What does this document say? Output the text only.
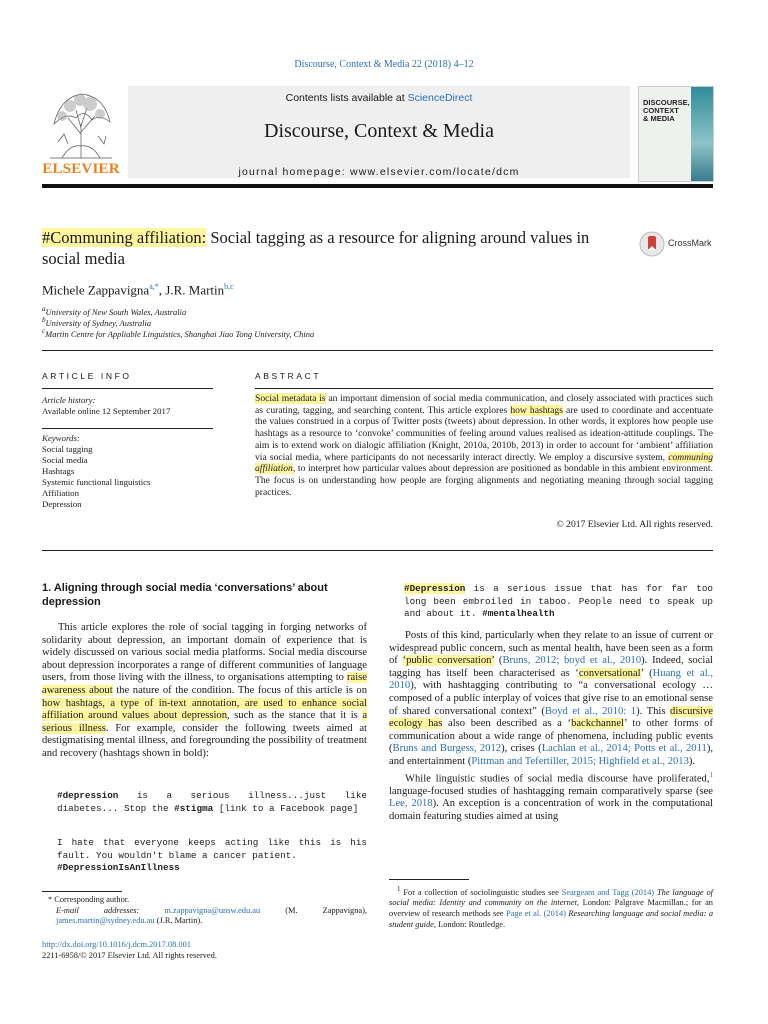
Discourse, Context & Media 22 (2018) 4–12
ELSEVIER
Contents lists available at ScienceDirect
Discourse, Context & Media
journal homepage: www.elsevier.com/locate/dcm
DISCOURSE,
CONTEXT
& MEDIA
#Communing affiliation: Social tagging as a resource for aligning around values in social media
CrossMark
Michele Zappavigna$^{a,*}$, J.R. Martin$^{b,c}$
$^a$University of New South Wales, Australia
$^b$University of Sydney, Australia
$^c$Martin Centre for Appliable Linguistics, Shanghai Jiao Tong University, China
ARTICLE INFO
Article history:
Available online 12 September 2017
Keywords:
Social tagging
Social media
Hashtags
Systemic functional linguistics
Affiliation
Depression
ABSTRACT
Social metadata is an important dimension of social media communication, and closely associated with practices such as curating, tagging, and searching content. This article explores how hashtags are used to coordinate and accentuate the values construed in a corpus of Twitter posts (tweets) about depression. In other words, it explores how people use hashtags as a resource to ‘convoke’ communities of feeling around values realised as ideation-attitude couplings. The aim is to extend work on dialogic affiliation (Knight, 2010a, 2010b, 2013) in order to account for ‘ambient’ affiliation via social media, where participants do not necessarily interact directly. We employ a discursive system, communing affiliation, to interpret how particular values about depression are positioned as bondable in this ambient environment. The focus is on understanding how people are forging alignments and negotiating meaning through social tagging practices.
© 2017 Elsevier Ltd. All rights reserved.
1. Aligning through social media ‘conversations’ about depression

This article explores the role of social tagging in forging networks of solidarity about depression, an important domain of experience that is widely discussed on various social media platforms. Social media discourse about depression incorporates a range of different communities of language users, from those living with the illness, to organisations attempting to raise awareness about the nature of the condition. The focus of this article is on how hashtags, a type of in-text annotation, are used to enhance social affiliation around values about depression, such as the stance that it is a serious illness. For example, consider the following tweets aimed at destigmatising mental illness, and foregrounding the possibility of treatment and recovery (hashtags shown in bold):

#depression is a serious illness...just like diabetes... Stop the #stigma [link to a Facebook page]
I hate that everyone keeps acting like this is his fault. You wouldn't blame a cancer patient.
#DepressionIsAnIllness
* Corresponding author.
E-mail addresses: m.zappavigna@unsw.edu.au (M. Zappavigna), james.martin@sydney.edu.au (J.R. Martin).
http://dx.doi.org/10.1016/j.dcm.2017.08.001
2211-6958/© 2017 Elsevier Ltd. All rights reserved.
#Depression is a serious issue that has for far too long been embroiled in taboo. People need to speak up and about it. #mentalhealth

Posts of this kind, particularly when they relate to an issue of current or widespread public concern, such as mental health, have been seen as a form of ‘public conversation’ (Bruns, 2012; boyd et al., 2010). Indeed, social tagging has itself been characterised as ‘conversational’ (Huang et al., 2010), with hashtagging contributing to “a conversational ecology …composed of a public interplay of voices that give rise to an emotional sense of shared conversational context” (Boyd et al., 2010: 1). This discursive ecology has also been described as a ‘backchannel’ to other forms of communication about a wide range of phenomena, including public events (Bruns and Burgess, 2012), crises (Lachlan et al., 2014; Potts et al., 2011), and entertainment (Pittman and Tefertiller, 2015; Highfield et al., 2013).

While linguistic studies of social media discourse have proliferated,$^1$ language-focused studies of hashtagging remain comparatively sparse (see Lee, 2018). An exception is a concentration of work in the computational domain featuring studies aimed at using

$^1$ For a collection of sociolinguistic studies see Seargeant and Tagg (2014) The language of social media: Identity and community on the internet, London: Palgrave Macmillan.; for an overview of research methods see Page et al. (2014) Researching language and social media: a student guide, London: Routledge.
